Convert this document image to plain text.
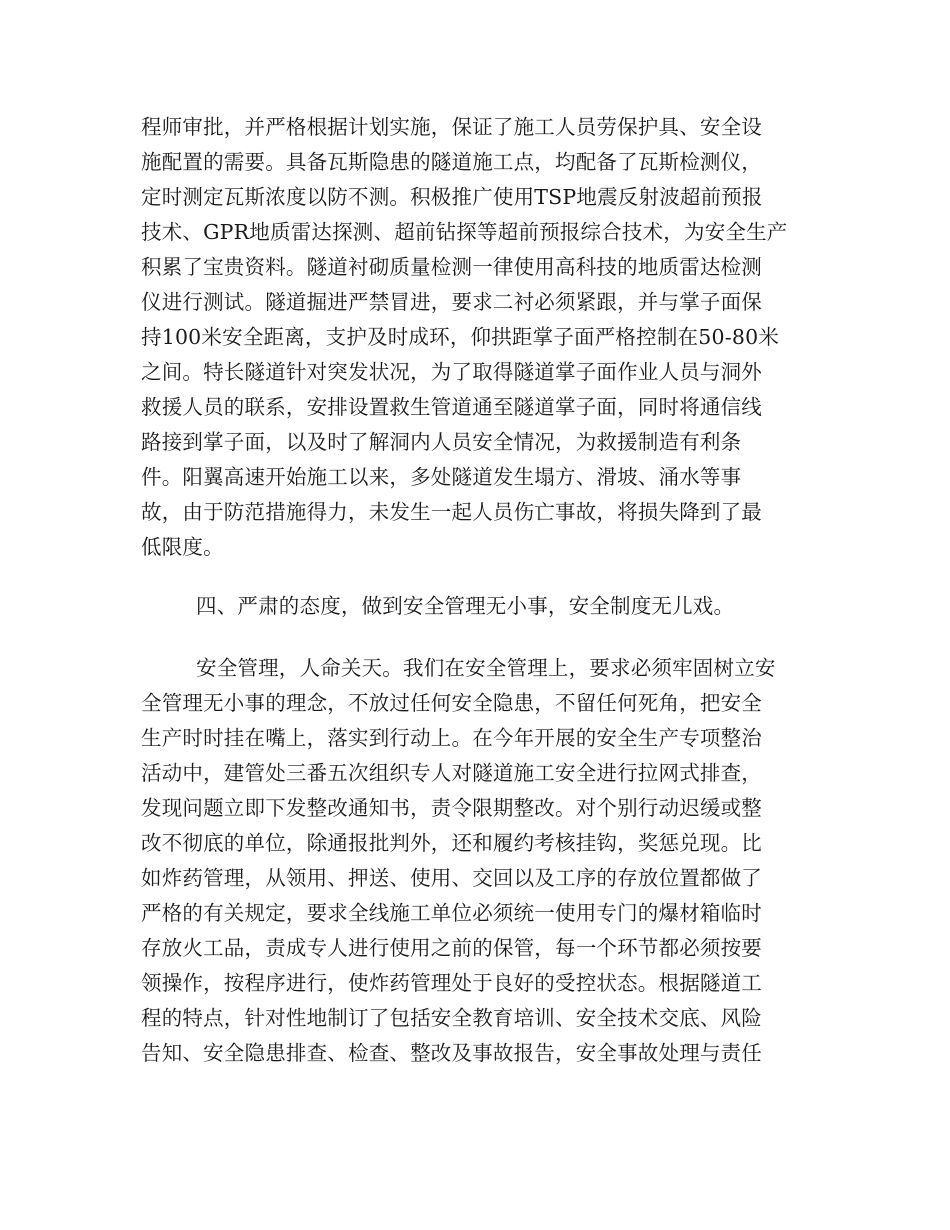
程师审批，并严格根据计划实施，保证了施工人员劳保护具、安全设
施配置的需要。具备瓦斯隐患的隧道施工点，均配备了瓦斯检测仪，
定时测定瓦斯浓度以防不测。积极推广使用TSP地震反射波超前预报
技术、GPR地质雷达探测、超前钻探等超前预报综合技术，为安全生产
积累了宝贵资料。隧道衬砌质量检测一律使用高科技的地质雷达检测
仪进行测试。隧道掘进严禁冒进，要求二衬必须紧跟，并与掌子面保
持100米安全距离，支护及时成环，仰拱距掌子面严格控制在50-80米
之间。特长隧道针对突发状况，为了取得隧道掌子面作业人员与洞外
救援人员的联系，安排设置救生管道通至隧道掌子面，同时将通信线
路接到掌子面，以及时了解洞内人员安全情况，为救援制造有利条
件。阳翼高速开始施工以来，多处隧道发生塌方、滑坡、涌水等事
故，由于防范措施得力，未发生一起人员伤亡事故，将损失降到了最
低限度。
四、严肃的态度，做到安全管理无小事，安全制度无儿戏。
安全管理，人命关天。我们在安全管理上，要求必须牢固树立安
全管理无小事的理念，不放过任何安全隐患，不留任何死角，把安全
生产时时挂在嘴上，落实到行动上。在今年开展的安全生产专项整治
活动中，建管处三番五次组织专人对隧道施工安全进行拉网式排查，
发现问题立即下发整改通知书，责令限期整改。对个别行动迟缓或整
改不彻底的单位，除通报批判外，还和履约考核挂钩，奖惩兑现。比
如炸药管理，从领用、押送、使用、交回以及工序的存放位置都做了
严格的有关规定，要求全线施工单位必须统一使用专门的爆材箱临时
存放火工品，责成专人进行使用之前的保管，每一个环节都必须按要
领操作，按程序进行，使炸药管理处于良好的受控状态。根据隧道工
程的特点，针对性地制订了包括安全教育培训、安全技术交底、风险
告知、安全隐患排查、检查、整改及事故报告，安全事故处理与责任
